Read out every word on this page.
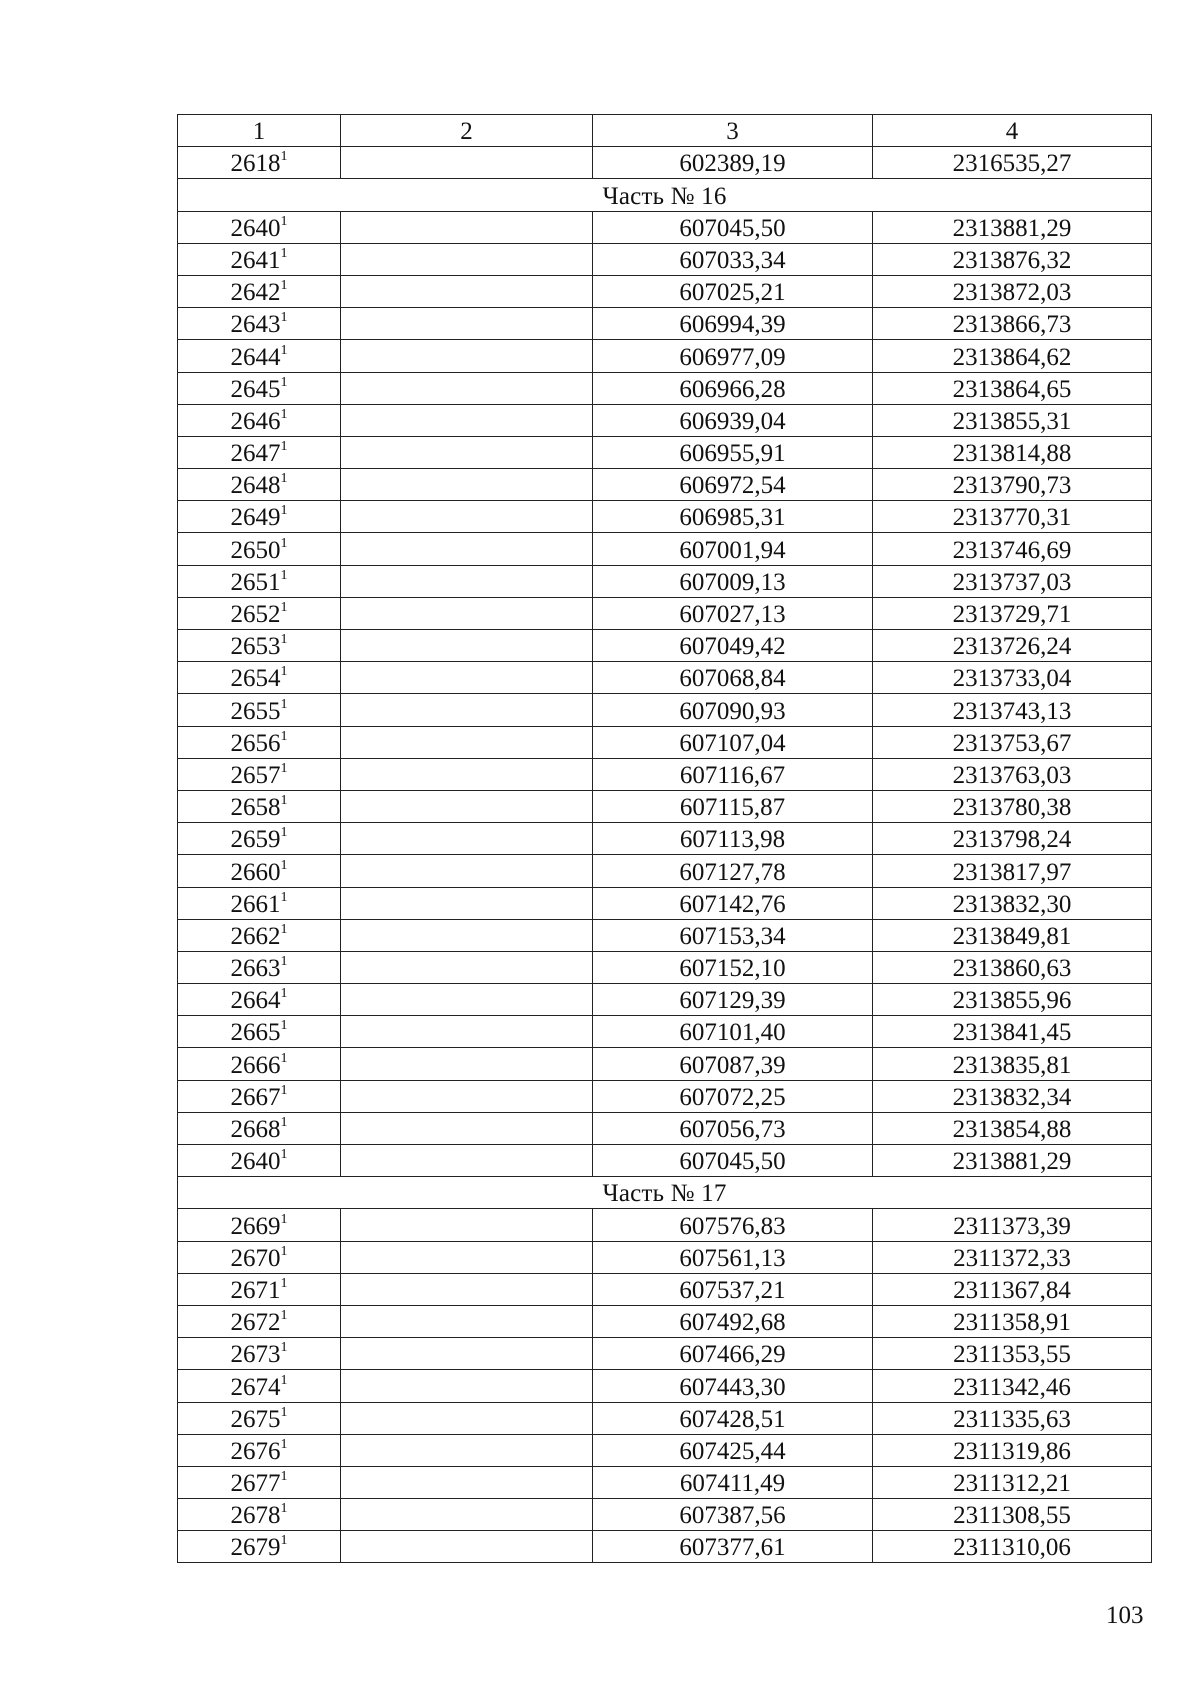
1	2	3	4
2618$^1$		602389,19	2316535,27
Часть № 16			
2640$^1$		607045,50	2313881,29
2641$^1$		607033,34	2313876,32
2642$^1$		607025,21	2313872,03
2643$^1$		606994,39	2313866,73
2644$^1$		606977,09	2313864,62
2645$^1$		606966,28	2313864,65
2646$^1$		606939,04	2313855,31
2647$^1$		606955,91	2313814,88
2648$^1$		606972,54	2313790,73
2649$^1$		606985,31	2313770,31
2650$^1$		607001,94	2313746,69
2651$^1$		607009,13	2313737,03
2652$^1$		607027,13	2313729,71
2653$^1$		607049,42	2313726,24
2654$^1$		607068,84	2313733,04
2655$^1$		607090,93	2313743,13
2656$^1$		607107,04	2313753,67
2657$^1$		607116,67	2313763,03
2658$^1$		607115,87	2313780,38
2659$^1$		607113,98	2313798,24
2660$^1$		607127,78	2313817,97
2661$^1$		607142,76	2313832,30
2662$^1$		607153,34	2313849,81
2663$^1$		607152,10	2313860,63
2664$^1$		607129,39	2313855,96
2665$^1$		607101,40	2313841,45
2666$^1$		607087,39	2313835,81
2667$^1$		607072,25	2313832,34
2668$^1$		607056,73	2313854,88
2640$^1$		607045,50	2313881,29
Часть № 17			
2669$^1$		607576,83	2311373,39
2670$^1$		607561,13	2311372,33
2671$^1$		607537,21	2311367,84
2672$^1$		607492,68	2311358,91
2673$^1$		607466,29	2311353,55
2674$^1$		607443,30	2311342,46
2675$^1$		607428,51	2311335,63
2676$^1$		607425,44	2311319,86
2677$^1$		607411,49	2311312,21
2678$^1$		607387,56	2311308,55
2679$^1$		607377,61	2311310,06
103
